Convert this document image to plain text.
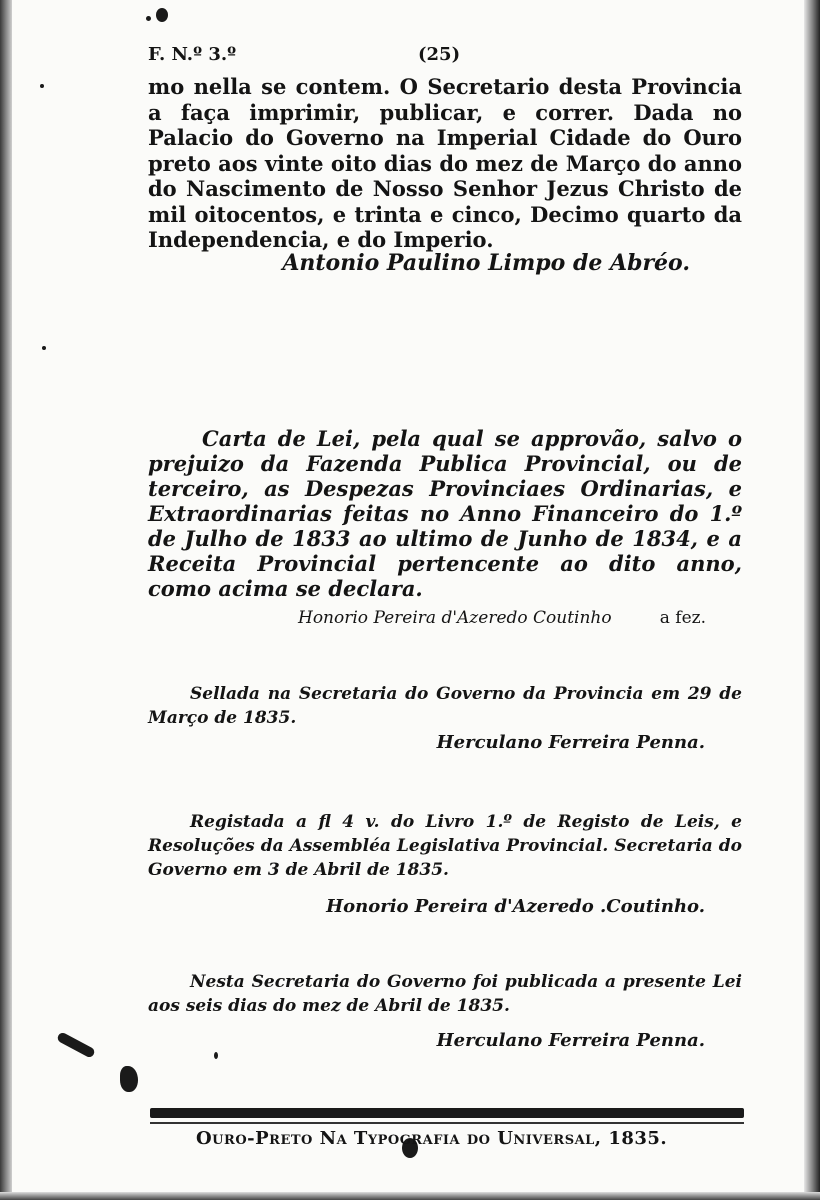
F. N.º 3.º	(25)

mo nella se contem. O Secretario desta Provincia a faça imprimir, publicar, e correr. Dada no Palacio do Governo na Imperial Cidade do Ouro preto aos vinte oito dias do mez de Março do anno do Nascimento de Nosso Senhor Jezus Christo de mil oitocentos, e trinta e cinco, Decimo quarto da Independencia, e do Imperio.

Antonio Paulino Limpo de Abréo.

Carta de Lei, pela qual se approvão, salvo o prejuizo da Fazenda Publica Provincial, ou de terceiro, as Despezas Provinciaes Ordinarias, e Extraordinarias feitas no Anno Financeiro do 1.º de Julho de 1833 ao ultimo de Junho de 1834, e a Receita Provincial pertencente ao dito anno, como acima se declara.

Honorio Pereira d'Azeredo Coutinho	a fez.

Sellada na Secretaria do Governo da Provincia em 29 de Março de 1835.

Herculano Ferreira Penna.

Registada a fl 4 v. do Livro 1.º de Registo de Leis, e Resoluções da Assembléa Legislativa Provincial. Secretaria do Governo em 3 de Abril de 1835.

Honorio Pereira d'Azeredo .Coutinho.

Nesta Secretaria do Governo foi publicada a presente Lei aos seis dias do mez de Abril de 1835.

Herculano Ferreira Penna.
Ouro-Preto Na Typografia do Universal, 1835.
